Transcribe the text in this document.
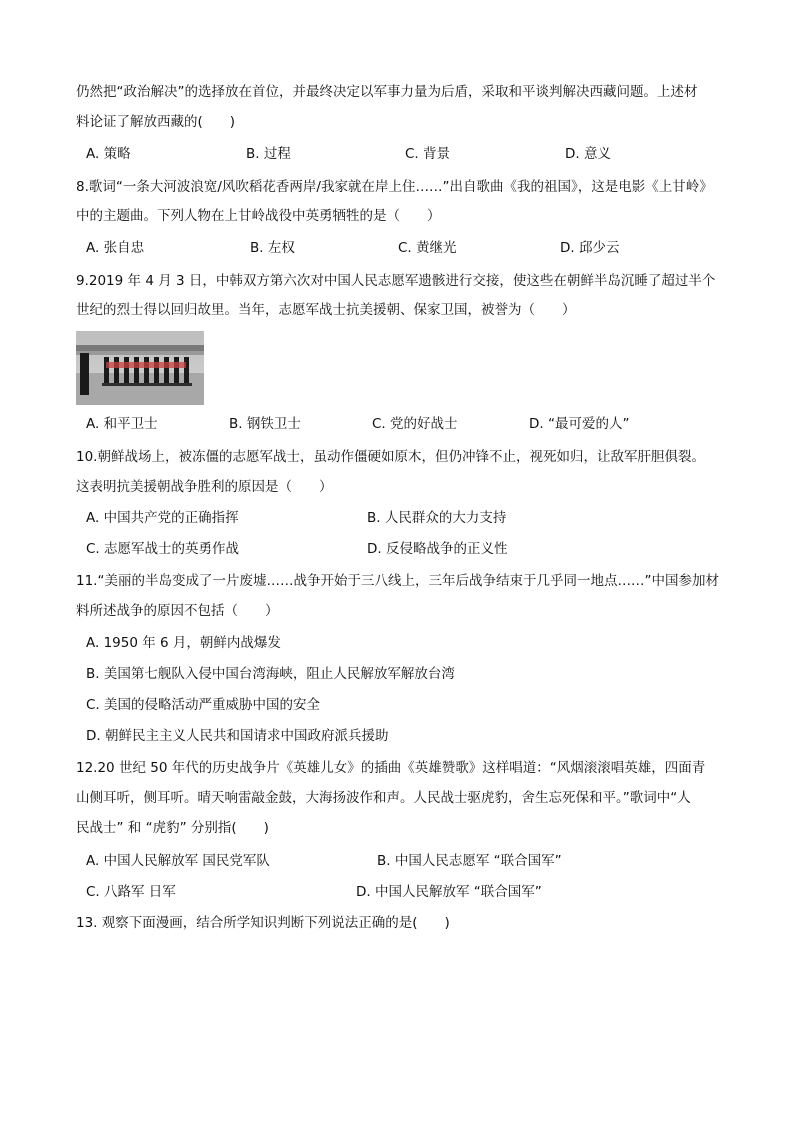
仍然把“政治解决”的选择放在首位，并最终决定以军事力量为后盾，采取和平谈判解决西藏问题。上述材
料论证了解放西藏的(　　)
A. 策略	B. 过程	C. 背景	D. 意义
8.歌词“一条大河波浪宽/风吹稻花香两岸/我家就在岸上住……”出自歌曲《我的祖国》，这是电影《上甘岭》
中的主题曲。下列人物在上甘岭战役中英勇牺牲的是（　　）
A. 张自忠	B. 左权	C. 黄继光	D. 邱少云
9.2019 年 4 月 3 日，中韩双方第六次对中国人民志愿军遗骸进行交接，使这些在朝鲜半岛沉睡了超过半个
世纪的烈士得以回归故里。当年，志愿军战士抗美援朝、保家卫国，被誉为（　　）
A. 和平卫士	B. 钢铁卫士	C. 党的好战士	D. “最可爱的人”
10.朝鲜战场上，被冻僵的志愿军战士，虽动作僵硬如原木，但仍冲锋不止，视死如归，让敌军肝胆俱裂。
这表明抗美援朝战争胜利的原因是（　　）
A. 中国共产党的正确指挥	B. 人民群众的大力支持
C. 志愿军战士的英勇作战	D. 反侵略战争的正义性
11.“美丽的半岛变成了一片废墟……战争开始于三八线上，三年后战争结束于几乎同一地点……”中国参加材
料所述战争的原因不包括（　　）
A. 1950 年 6 月，朝鲜内战爆发
B. 美国第七舰队入侵中国台湾海峡，阻止人民解放军解放台湾
C. 美国的侵略活动严重威胁中国的安全
D. 朝鲜民主主义人民共和国请求中国政府派兵援助
12.20 世纪 50 年代的历史战争片《英雄儿女》的插曲《英雄赞歌》这样唱道：“风烟滚滚唱英雄，四面青
山侧耳听，侧耳听。晴天响雷敲金鼓，大海扬波作和声。人民战士驱虎豹，舍生忘死保和平。”歌词中“人
民战士” 和 “虎豹” 分别指(　　)
A. 中国人民解放军 国民党军队	B. 中国人民志愿军 “联合国军”
C. 八路军 日军	D. 中国人民解放军 “联合国军”
13. 观察下面漫画，结合所学知识判断下列说法正确的是(　　)
